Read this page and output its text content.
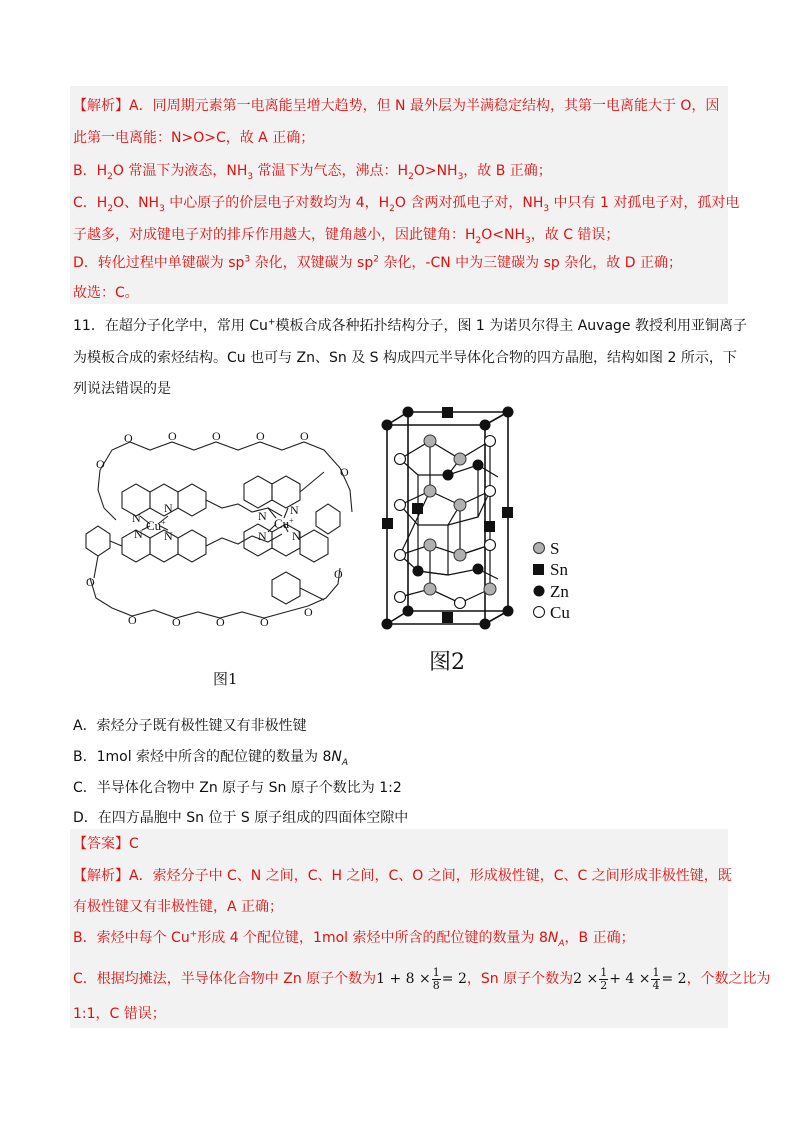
【解析】A．同周期元素第一电离能呈增大趋势，但 N 最外层为半满稳定结构，其第一电离能大于 O，因
此第一电离能：N>O>C，故 A 正确；
B．$H_2O$ 常温下为液态，$NH_3$ 常温下为气态，沸点：$H_2O>NH_3$，故 B 正确；
C．$H_2O$、$NH_3$ 中心原子的价层电子对数均为 4，$H_2O$ 含两对孤电子对，$NH_3$ 中只有 1 对孤电子对，孤对电
子越多，对成键电子对的排斥作用越大，键角越小，因此键角：$H_2O<NH_3$，故 C 错误；
D．转化过程中单键碳为 $sp^3$ 杂化，双键碳为 $sp^2$ 杂化，-CN 中为三键碳为 sp 杂化，故 D 正确；
故选：C。
11．在超分子化学中，常用 Cu+模板合成各种拓扑结构分子，图 1 为诺贝尔得主 Auvage 教授利用亚铜离子
为模板合成的索烃结构。Cu 也可与 Zn、Sn 及 S 构成四元半导体化合物的四方晶胞，结构如图 2 所示，下
列说法错误的是
O
O	O	O	O	O
O
O
O	O	O	O
O
O
N
N
N N
Cu+	N N
N N
Cu+
图1
S
Sn
Zn
Cu
图2
A．索烃分子既有极性键又有非极性键
B．1mol 索烃中所含的配位键的数量为 $8N_A$
C．半导体化合物中 Zn 原子与 Sn 原子个数比为 1:2
D．在四方晶胞中 Sn 位于 S 原子组成的四面体空隙中
【答案】C
【解析】A．索烃分子中 C、N 之间，C、H 之间，C、O 之间，形成极性键，C、C 之间形成非极性键，既
有极性键又有非极性键，A 正确；
B．索烃中每个 Cu+形成 4 个配位键，1mol 索烃中所含的配位键的数量为 $8N_A$，B 正确；
C．根据均摊法，半导体化合物中 Zn 原子个数为$1 + 8 \times \frac{1}{8} = 2$，Sn 原子个数为$2 \times \frac{1}{2} + 4 \times \frac{1}{4} = 2$，个数之比为
1:1，C 错误；
